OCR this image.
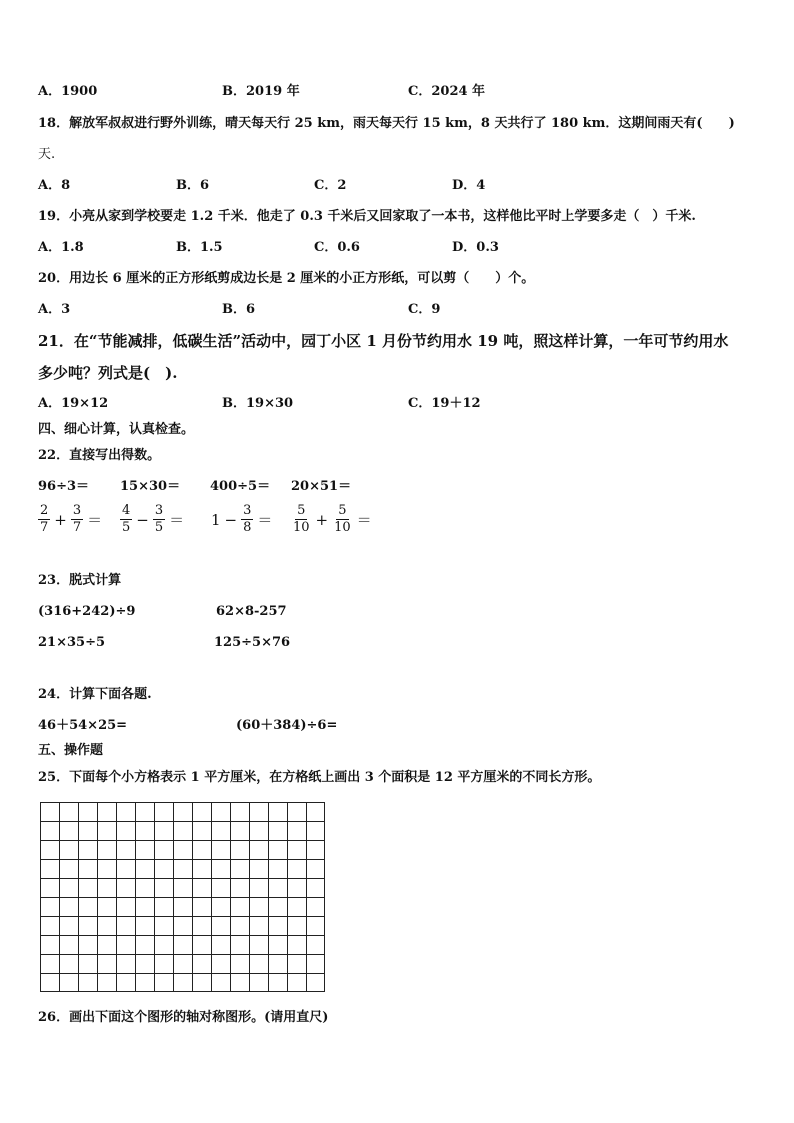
A．1900	B．2019 年	C．2024 年
18．解放军叔叔进行野外训练，晴天每天行 25 km，雨天每天行 15 km，8 天共行了 180 km．这期间雨天有(　　)
天.
A．8	B．6	C．2	D．4
19．小亮从家到学校要走 1.2 千米．他走了 0.3 千米后又回家取了一本书，这样他比平时上学要多走（　）千米.
A．1.8	B．1.5	C．0.6	D．0.3
20．用边长 6 厘米的正方形纸剪成边长是 2 厘米的小正方形纸，可以剪（　　）个。
A．3	B．6	C．9
21．在“节能减排，低碳生活”活动中，园丁小区 1 月份节约用水 19 吨，照这样计算，一年可节约用水
多少吨？列式是(　).
A．19×12	B．19×30	C．19＋12
四、细心计算，认真检查。
22．直接写出得数。
96÷3＝ 15×30＝ 400÷5＝ 20×51＝
$\frac{2}{7} + \frac{3}{7} = \frac{4}{5} - \frac{3}{5} = 1 - \frac{3}{8} = \frac{5}{10} + \frac{5}{10}$ ＝
23．脱式计算
(316+242)÷9	62×8-257
21×35÷5	125÷5×76
24．计算下面各题.
46＋54×25=	(60＋384)÷6=
五、操作题
25．下面每个小方格表示 1 平方厘米，在方格纸上画出 3 个面积是 12 平方厘米的不同长方形。
26．画出下面这个图形的轴对称图形。(请用直尺)
